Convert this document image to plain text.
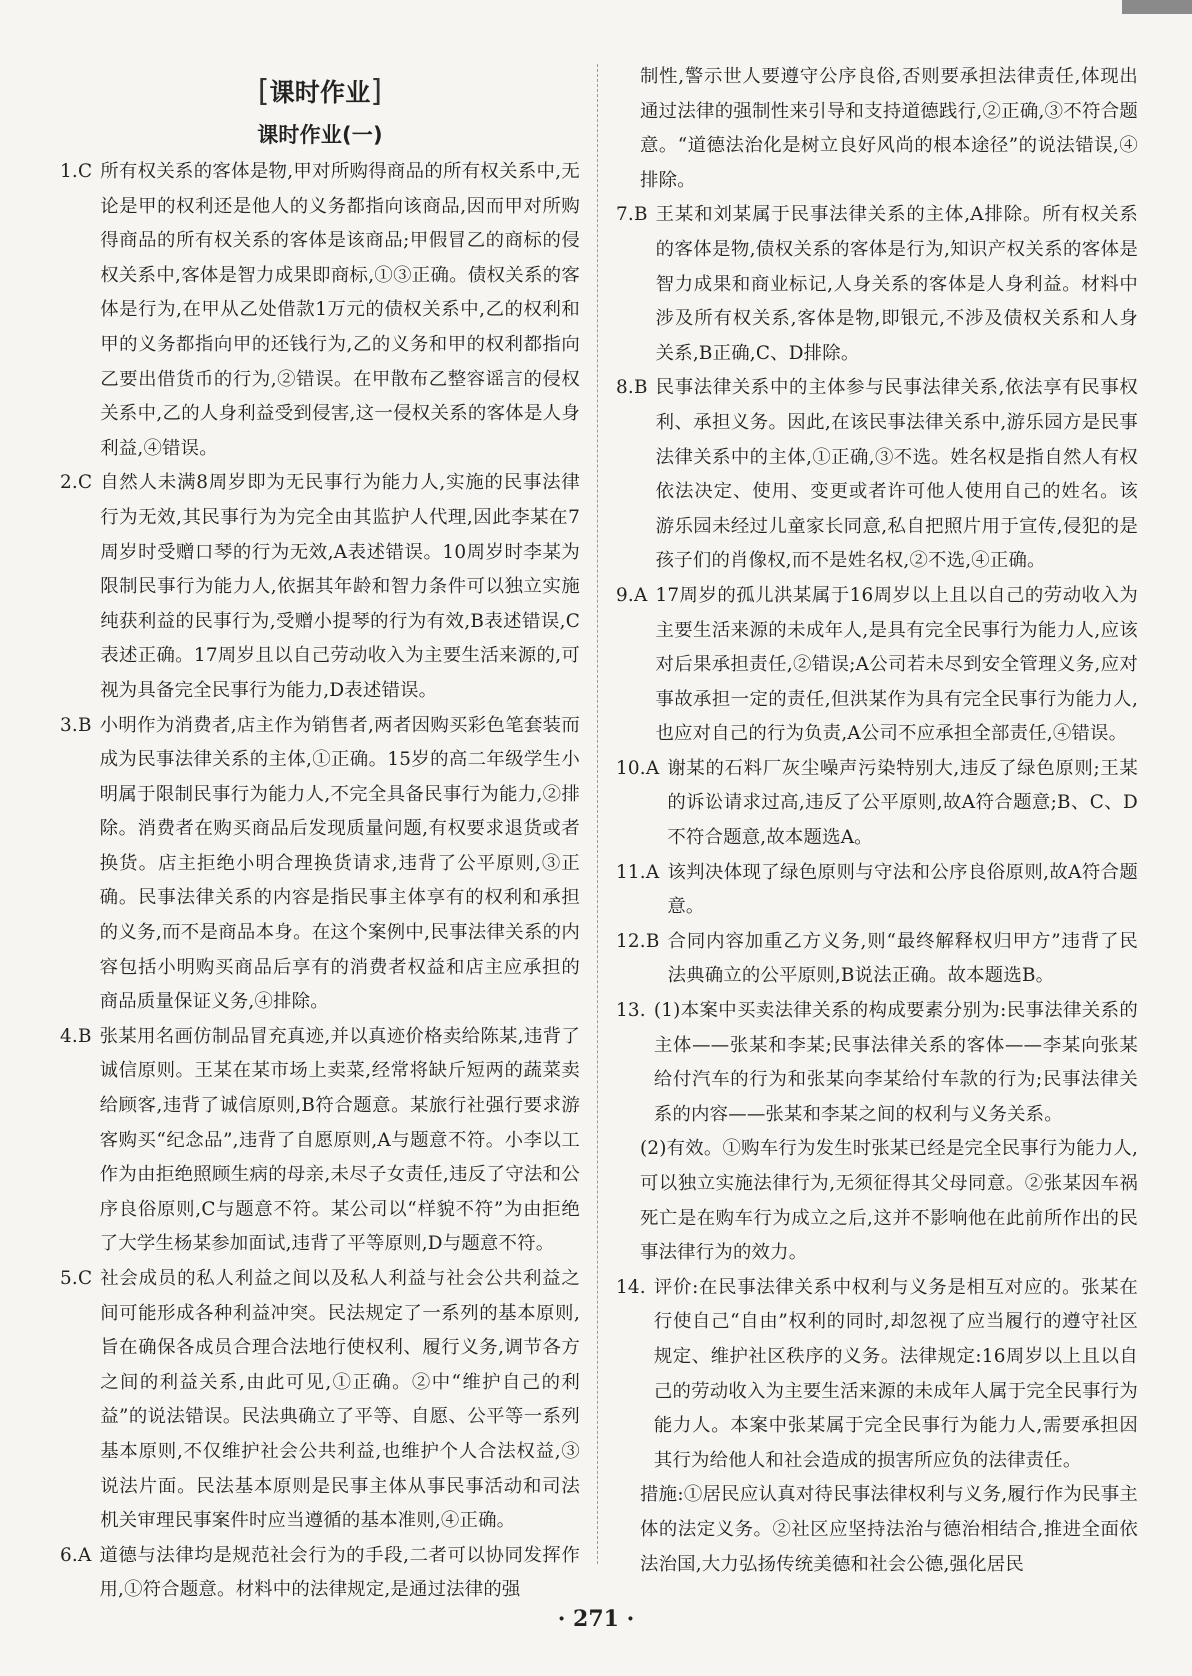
[课时作业]
课时作业(一)
1.C 所有权关系的客体是物,甲对所购得商品的所有权关系中,无论是甲的权利还是他人的义务都指向该商品,因而甲对所购得商品的所有权关系的客体是该商品;甲假冒乙的商标的侵权关系中,客体是智力成果即商标,①③正确。债权关系的客体是行为,在甲从乙处借款1万元的债权关系中,乙的权利和甲的义务都指向甲的还钱行为,乙的义务和甲的权利都指向乙要出借货币的行为,②错误。在甲散布乙整容谣言的侵权关系中,乙的人身利益受到侵害,这一侵权关系的客体是人身利益,④错误。
2.C 自然人未满8周岁即为无民事行为能力人,实施的民事法律行为无效,其民事行为为完全由其监护人代理,因此李某在7周岁时受赠口琴的行为无效,A表述错误。10周岁时李某为限制民事行为能力人,依据其年龄和智力条件可以独立实施纯获利益的民事行为,受赠小提琴的行为有效,B表述错误,C表述正确。17周岁且以自己劳动收入为主要生活来源的,可视为具备完全民事行为能力,D表述错误。
3.B 小明作为消费者,店主作为销售者,两者因购买彩色笔套装而成为民事法律关系的主体,①正确。15岁的高二年级学生小明属于限制民事行为能力人,不完全具备民事行为能力,②排除。消费者在购买商品后发现质量问题,有权要求退货或者换货。店主拒绝小明合理换货请求,违背了公平原则,③正确。民事法律关系的内容是指民事主体享有的权利和承担的义务,而不是商品本身。在这个案例中,民事法律关系的内容包括小明购买商品后享有的消费者权益和店主应承担的商品质量保证义务,④排除。
4.B 张某用名画仿制品冒充真迹,并以真迹价格卖给陈某,违背了诚信原则。王某在某市场上卖菜,经常将缺斤短两的蔬菜卖给顾客,违背了诚信原则,B符合题意。某旅行社强行要求游客购买“纪念品”,违背了自愿原则,A与题意不符。小李以工作为由拒绝照顾生病的母亲,未尽子女责任,违反了守法和公序良俗原则,C与题意不符。某公司以“样貌不符”为由拒绝了大学生杨某参加面试,违背了平等原则,D与题意不符。
5.C 社会成员的私人利益之间以及私人利益与社会公共利益之间可能形成各种利益冲突。民法规定了一系列的基本原则,旨在确保各成员合理合法地行使权利、履行义务,调节各方之间的利益关系,由此可见,①正确。②中“维护自己的利益”的说法错误。民法典确立了平等、自愿、公平等一系列基本原则,不仅维护社会公共利益,也维护个人合法权益,③说法片面。民法基本原则是民事主体从事民事活动和司法机关审理民事案件时应当遵循的基本准则,④正确。
6.A 道德与法律均是规范社会行为的手段,二者可以协同发挥作用,①符合题意。材料中的法律规定,是通过法律的强
制性,警示世人要遵守公序良俗,否则要承担法律责任,体现出通过法律的强制性来引导和支持道德践行,②正确,③不符合题意。“道德法治化是树立良好风尚的根本途径”的说法错误,④排除。
7.B 王某和刘某属于民事法律关系的主体,A排除。所有权关系的客体是物,债权关系的客体是行为,知识产权关系的客体是智力成果和商业标记,人身关系的客体是人身利益。材料中涉及所有权关系,客体是物,即银元,不涉及债权关系和人身关系,B正确,C、D排除。
8.B 民事法律关系中的主体参与民事法律关系,依法享有民事权利、承担义务。因此,在该民事法律关系中,游乐园方是民事法律关系中的主体,①正确,③不选。姓名权是指自然人有权依法决定、使用、变更或者许可他人使用自己的姓名。该游乐园未经过儿童家长同意,私自把照片用于宣传,侵犯的是孩子们的肖像权,而不是姓名权,②不选,④正确。
9.A 17周岁的孤儿洪某属于16周岁以上且以自己的劳动收入为主要生活来源的未成年人,是具有完全民事行为能力人,应该对后果承担责任,②错误;A公司若未尽到安全管理义务,应对事故承担一定的责任,但洪某作为具有完全民事行为能力人,也应对自己的行为负责,A公司不应承担全部责任,④错误。
10.A 谢某的石料厂灰尘噪声污染特别大,违反了绿色原则;王某的诉讼请求过高,违反了公平原则,故A符合题意;B、C、D不符合题意,故本题选A。
11.A 该判决体现了绿色原则与守法和公序良俗原则,故A符合题意。
12.B 合同内容加重乙方义务,则“最终解释权归甲方”违背了民法典确立的公平原则,B说法正确。故本题选B。
13. (1)本案中买卖法律关系的构成要素分别为:民事法律关系的主体——张某和李某;民事法律关系的客体——李某向张某给付汽车的行为和张某向李某给付车款的行为;民事法律关系的内容——张某和李某之间的权利与义务关系。
(2)有效。①购车行为发生时张某已经是完全民事行为能力人,可以独立实施法律行为,无须征得其父母同意。②张某因车祸死亡是在购车行为成立之后,这并不影响他在此前所作出的民事法律行为的效力。
14. 评价:在民事法律关系中权利与义务是相互对应的。张某在行使自己“自由”权利的同时,却忽视了应当履行的遵守社区规定、维护社区秩序的义务。法律规定:16周岁以上且以自己的劳动收入为主要生活来源的未成年人属于完全民事行为能力人。本案中张某属于完全民事行为能力人,需要承担因其行为给他人和社会造成的损害所应负的法律责任。
措施:①居民应认真对待民事法律权利与义务,履行作为民事主体的法定义务。②社区应坚持法治与德治相结合,推进全面依法治国,大力弘扬传统美德和社会公德,强化居民
· 271 ·
